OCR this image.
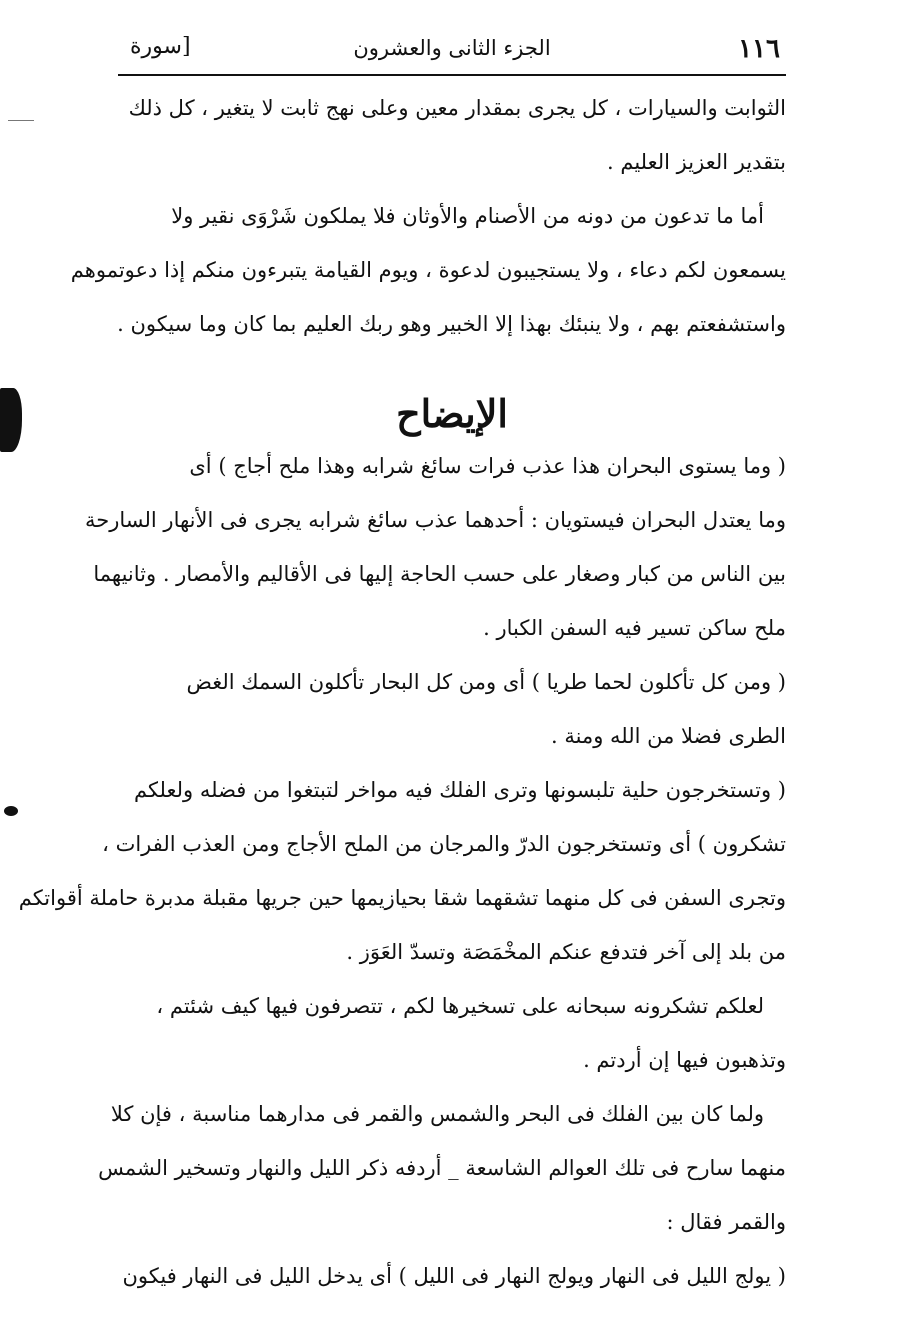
١١٦
الجزء الثانى والعشرون
[سورة
الثوابت والسيارات ، كل يجرى بمقدار معين وعلى نهج ثابت لا يتغير ، كل ذلك
بتقدير العزيز العليم .
أما ما تدعون من دونه من الأصنام والأوثان فلا يملكون شَرْوَى نقير ولا
يسمعون لكم دعاء ، ولا يستجيبون لدعوة ، ويوم القيامة يتبرءون منكم إذا دعوتموهم
واستشفعتم بهم ، ولا ينبئك بهذا إلا الخبير وهو ربك العليم بما كان وما سيكون .
الإيضاح
( وما يستوى البحران هذا عذب فرات سائغ شرابه وهذا ملح أجاج ) أى
وما يعتدل البحران فيستويان : أحدهما عذب سائغ شرابه يجرى فى الأنهار السارحة
بين الناس من كبار وصغار على حسب الحاجة إليها فى الأقاليم والأمصار . وثانيهما
ملح ساكن تسير فيه السفن الكبار .
( ومن كل تأكلون لحما طريا ) أى ومن كل البحار تأكلون السمك الغض
الطرى فضلا من الله ومنة .
( وتستخرجون حلية تلبسونها وترى الفلك فيه مواخر لتبتغوا من فضله ولعلكم
تشكرون ) أى وتستخرجون الدرّ والمرجان من الملح الأجاج ومن العذب الفرات ،
وتجرى السفن فى كل منهما تشقهما شقا بحيازيمها حين جريها مقبلة مدبرة حاملة أقواتكم
من بلد إلى آخر فتدفع عنكم المخْمَصَة وتسدّ العَوَز .
لعلكم تشكرونه سبحانه على تسخيرها لكم ، تتصرفون فيها كيف شئتم ،
وتذهبون فيها إن أردتم .
ولما كان بين الفلك فى البحر والشمس والقمر فى مدارهما مناسبة ، فإن كلا
منهما سارح فى تلك العوالم الشاسعة _ أردفه ذكر الليل والنهار وتسخير الشمس
والقمر فقال :
( يولج الليل فى النهار ويولج النهار فى الليل ) أى يدخل الليل فى النهار فيكون
